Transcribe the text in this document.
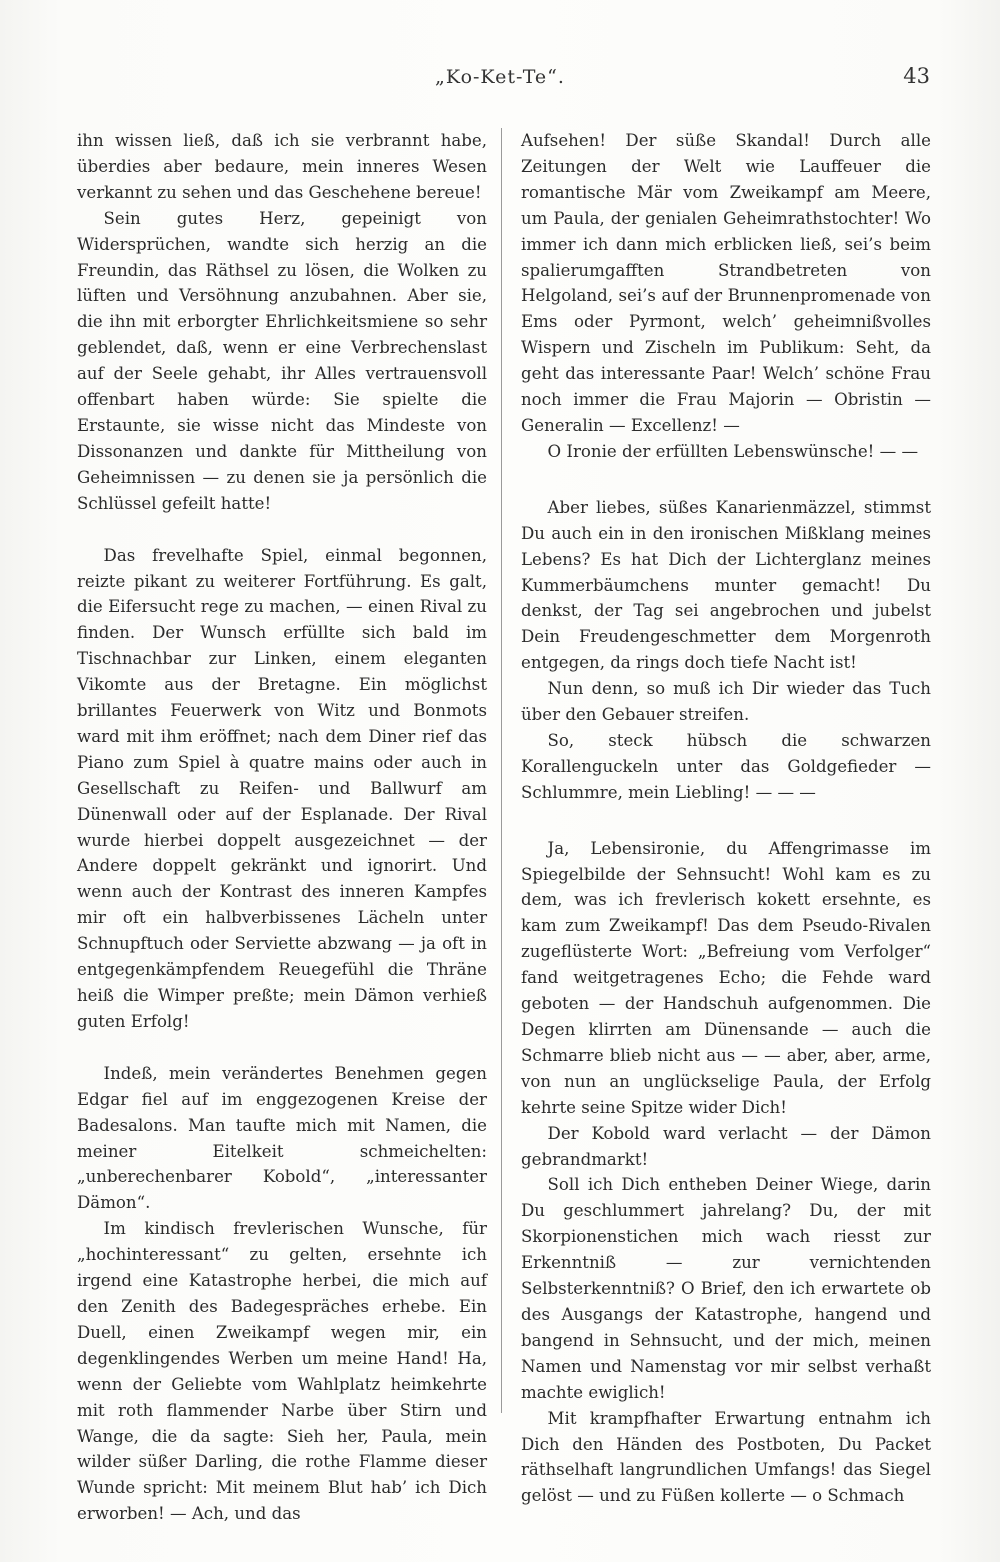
„Ko-Ket-Te“.	43

ihn wissen ließ, daß ich sie verbrannt habe, überdies aber bedaure, mein inneres Wesen verkannt zu sehen und das Geschehene bereue!

Sein gutes Herz, gepeinigt von Widersprüchen, wandte sich herzig an die Freundin, das Räthsel zu lösen, die Wolken zu lüften und Versöhnung anzubahnen. Aber sie, die ihn mit erborgter Ehrlichkeitsmiene so sehr geblendet, daß, wenn er eine Verbrechenslast auf der Seele gehabt, ihr Alles vertrauensvoll offenbart haben würde: Sie spielte die Erstaunte, sie wisse nicht das Mindeste von Dissonanzen und dankte für Mittheilung von Geheimnissen — zu denen sie ja persönlich die Schlüssel gefeilt hatte!

Das frevelhafte Spiel, einmal begonnen, reizte pikant zu weiterer Fortführung. Es galt, die Eifersucht rege zu machen, — einen Rival zu finden. Der Wunsch erfüllte sich bald im Tischnachbar zur Linken, einem eleganten Vikomte aus der Bretagne. Ein möglichst brillantes Feuerwerk von Witz und Bonmots ward mit ihm eröffnet; nach dem Diner rief das Piano zum Spiel à quatre mains oder auch in Gesellschaft zu Reifen- und Ballwurf am Dünenwall oder auf der Esplanade. Der Rival wurde hierbei doppelt ausgezeichnet — der Andere doppelt gekränkt und ignorirt. Und wenn auch der Kontrast des inneren Kampfes mir oft ein halbverbissenes Lächeln unter Schnupftuch oder Serviette abzwang — ja oft in entgegenkämpfendem Reuegefühl die Thräne heiß die Wimper preßte; mein Dämon verhieß guten Erfolg!

Indeß, mein verändertes Benehmen gegen Edgar fiel auf im enggezogenen Kreise der Badesalons. Man taufte mich mit Namen, die meiner Eitelkeit schmeichelten: „unberechenbarer Kobold“, „interessanter Dämon“.

Im kindisch frevlerischen Wunsche, für „hochinteressant“ zu gelten, ersehnte ich irgend eine Katastrophe herbei, die mich auf den Zenith des Badegespräches erhebe. Ein Duell, einen Zweikampf wegen mir, ein degenklingendes Werben um meine Hand! Ha, wenn der Geliebte vom Wahlplatz heimkehrte mit roth flammender Narbe über Stirn und Wange, die da sagte: Sieh her, Paula, mein wilder süßer Darling, die rothe Flamme dieser Wunde spricht: Mit meinem Blut hab’ ich Dich erworben! — Ach, und das

Aufsehen! Der süße Skandal! Durch alle Zeitungen der Welt wie Lauffeuer die romantische Mär vom Zweikampf am Meere, um Paula, der genialen Geheimrathstochter! Wo immer ich dann mich erblicken ließ, sei’s beim spalierumgafften Strandbetreten von Helgoland, sei’s auf der Brunnenpromenade von Ems oder Pyrmont, welch’ geheimnißvolles Wispern und Zischeln im Publikum: Seht, da geht das interessante Paar! Welch’ schöne Frau noch immer die Frau Majorin — Obristin — Generalin — Excellenz! —

O Ironie der erfüllten Lebenswünsche! — —

Aber liebes, süßes Kanarienmäzzel, stimmst Du auch ein in den ironischen Mißklang meines Lebens? Es hat Dich der Lichterglanz meines Kummerbäumchens munter gemacht! Du denkst, der Tag sei angebrochen und jubelst Dein Freudengeschmetter dem Morgenroth entgegen, da rings doch tiefe Nacht ist!

Nun denn, so muß ich Dir wieder das Tuch über den Gebauer streifen.

So, steck hübsch die schwarzen Korallenguckeln unter das Goldgefieder — Schlummre, mein Liebling! — — —

Ja, Lebensironie, du Affengrimasse im Spiegelbilde der Sehnsucht! Wohl kam es zu dem, was ich frevlerisch kokett ersehnte, es kam zum Zweikampf! Das dem Pseudo-Rivalen zugeflüsterte Wort: „Befreiung vom Verfolger“ fand weitgetragenes Echo; die Fehde ward geboten — der Handschuh aufgenommen. Die Degen klirrten am Dünensande — auch die Schmarre blieb nicht aus — — aber, aber, arme, von nun an unglückselige Paula, der Erfolg kehrte seine Spitze wider Dich!

Der Kobold ward verlacht — der Dämon gebrandmarkt!

Soll ich Dich entheben Deiner Wiege, darin Du geschlummert jahrelang? Du, der mit Skorpionenstichen mich wach riesst zur Erkenntniß — zur vernichtenden Selbsterkenntniß? O Brief, den ich erwartete ob des Ausgangs der Katastrophe, hangend und bangend in Sehnsucht, und der mich, meinen Namen und Namenstag vor mir selbst verhaßt machte ewiglich!

Mit krampfhafter Erwartung entnahm ich Dich den Händen des Postboten, Du Packet räthselhaft langrundlichen Umfangs! das Siegel gelöst — und zu Füßen kollerte — o Schmach
